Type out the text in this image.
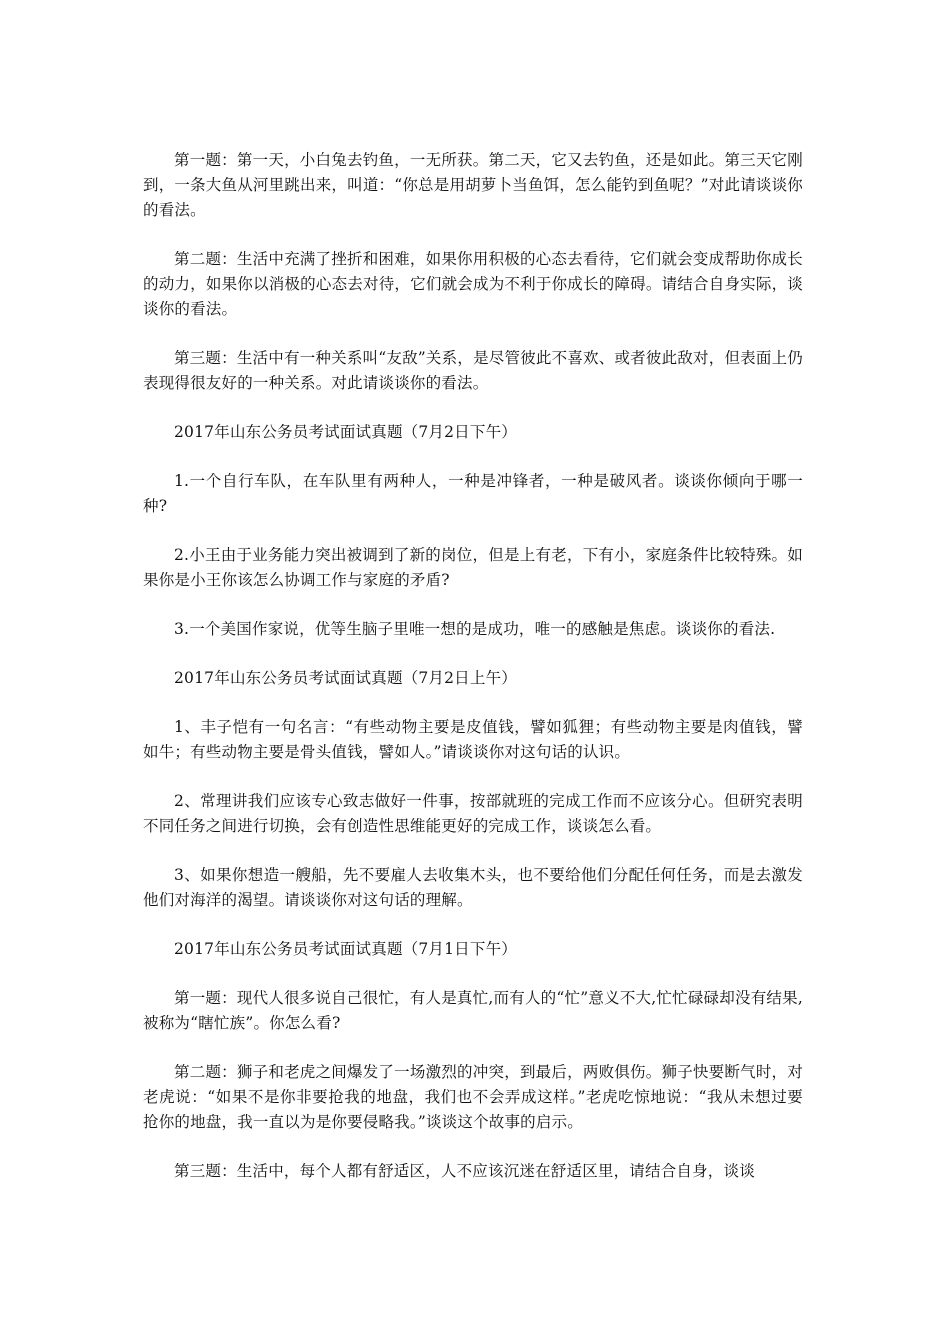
第一题：第一天，小白兔去钓鱼，一无所获。第二天，它又去钓鱼，还是如此。第三天它刚到，一条大鱼从河里跳出来，叫道：“你总是用胡萝卜当鱼饵，怎么能钓到鱼呢？”对此请谈谈你的看法。

第二题：生活中充满了挫折和困难，如果你用积极的心态去看待，它们就会变成帮助你成长的动力，如果你以消极的心态去对待，它们就会成为不利于你成长的障碍。请结合自身实际，谈谈你的看法。

第三题：生活中有一种关系叫“友敌”关系，是尽管彼此不喜欢、或者彼此敌对，但表面上仍表现得很友好的一种关系。对此请谈谈你的看法。

2017年山东公务员考试面试真题（7月2日下午）

1.一个自行车队，在车队里有两种人，一种是冲锋者，一种是破风者。谈谈你倾向于哪一种?

2.小王由于业务能力突出被调到了新的岗位，但是上有老，下有小，家庭条件比较特殊。如果你是小王你该怎么协调工作与家庭的矛盾?

3.一个美国作家说，优等生脑子里唯一想的是成功，唯一的感触是焦虑。谈谈你的看法.

2017年山东公务员考试面试真题（7月2日上午）

1、丰子恺有一句名言：“有些动物主要是皮值钱，譬如狐狸；有些动物主要是肉值钱，譬如牛；有些动物主要是骨头值钱，譬如人。”请谈谈你对这句话的认识。

2、常理讲我们应该专心致志做好一件事，按部就班的完成工作而不应该分心。但研究表明不同任务之间进行切换，会有创造性思维能更好的完成工作，谈谈怎么看。

3、如果你想造一艘船，先不要雇人去收集木头，也不要给他们分配任何任务，而是去激发他们对海洋的渴望。请谈谈你对这句话的理解。

2017年山东公务员考试面试真题（7月1日下午）

第一题：现代人很多说自己很忙，有人是真忙,而有人的“忙”意义不大,忙忙碌碌却没有结果,被称为“瞎忙族”。你怎么看?

第二题：狮子和老虎之间爆发了一场激烈的冲突，到最后，两败俱伤。狮子快要断气时，对老虎说：“如果不是你非要抢我的地盘，我们也不会弄成这样。”老虎吃惊地说：“我从未想过要抢你的地盘，我一直以为是你要侵略我。”谈谈这个故事的启示。

第三题：生活中，每个人都有舒适区，人不应该沉迷在舒适区里，请结合自身，谈谈
